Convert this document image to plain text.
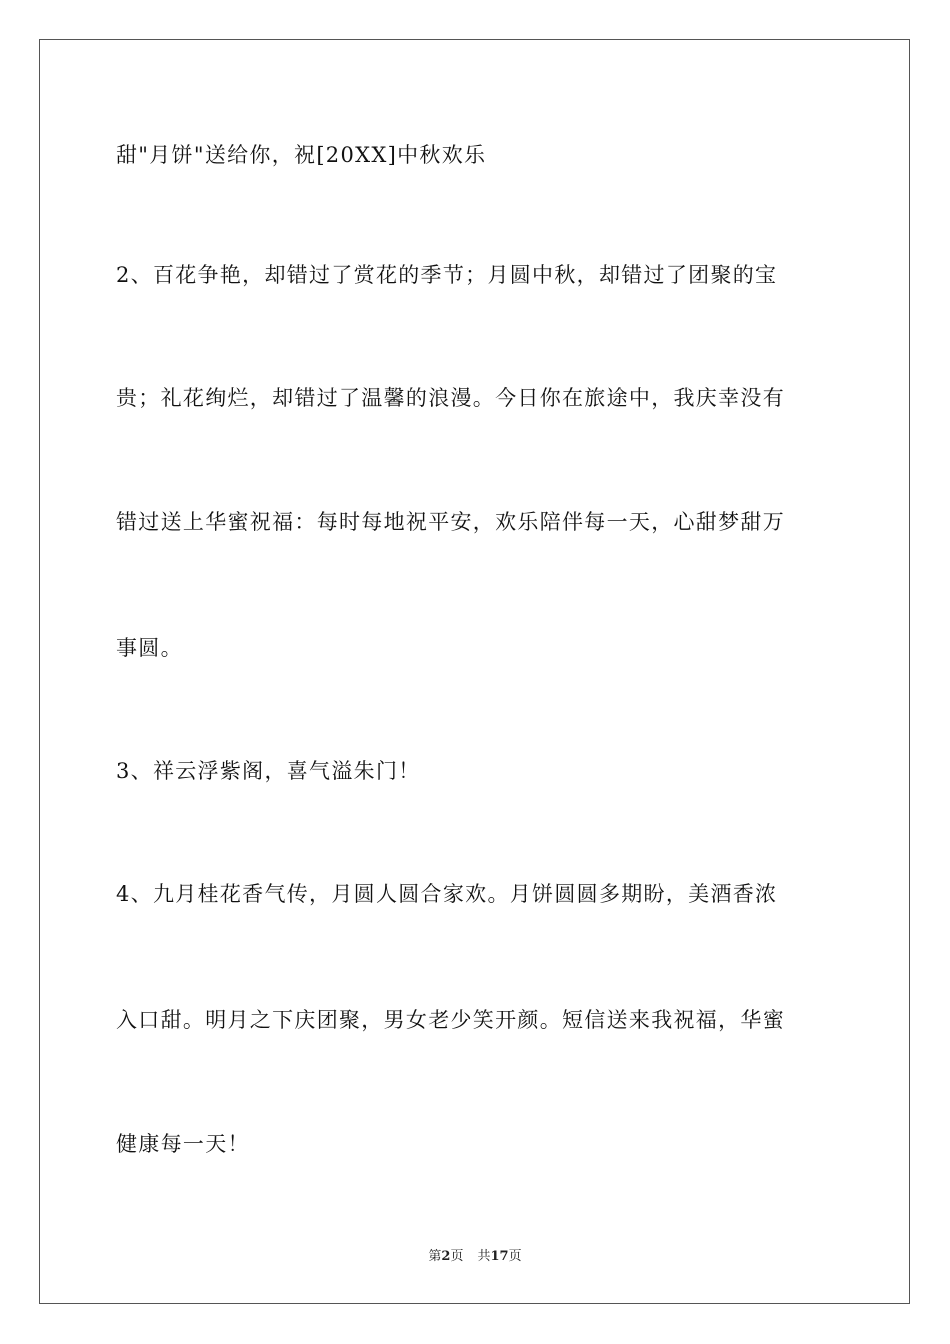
甜"月饼"送给你，祝[20XX]中秋欢乐
2、百花争艳，却错过了赏花的季节；月圆中秋，却错过了团聚的宝
贵；礼花绚烂，却错过了温馨的浪漫。今日你在旅途中，我庆幸没有
错过送上华蜜祝福：每时每地祝平安，欢乐陪伴每一天，心甜梦甜万
事圆。
3、祥云浮紫阁，喜气溢朱门！
4、九月桂花香气传，月圆人圆合家欢。月饼圆圆多期盼，美酒香浓
入口甜。明月之下庆团聚，男女老少笑开颜。短信送来我祝福，华蜜
健康每一天！
第2页 共17页
